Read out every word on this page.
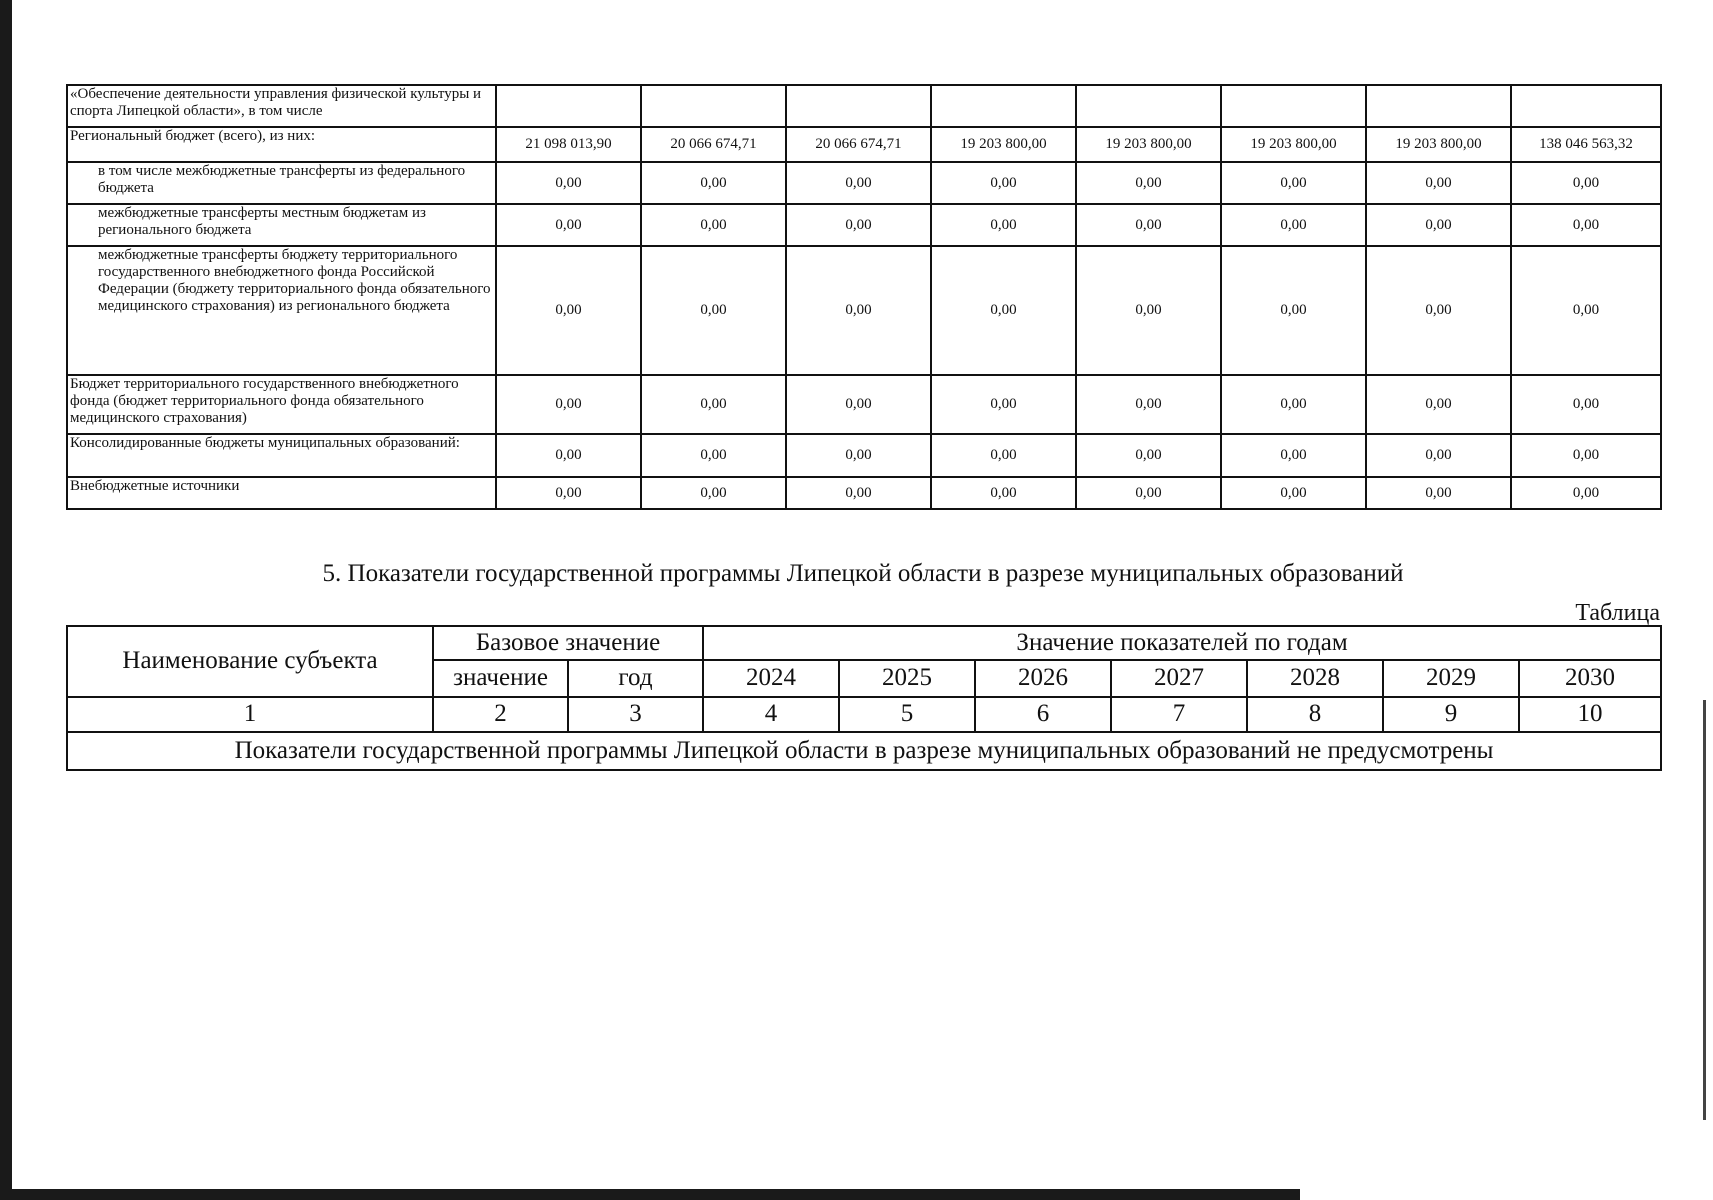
«Обеспечение деятельности управления физической культуры и спорта Липецкой области», в том числе								
Региональный бюджет (всего), из них:	21 098 013,90	20 066 674,71	20 066 674,71	19 203 800,00	19 203 800,00	19 203 800,00	19 203 800,00	138 046 563,32
в том числе межбюджетные трансферты из федерального бюджета	0,00	0,00	0,00	0,00	0,00	0,00	0,00	0,00
межбюджетные трансферты местным бюджетам из регионального бюджета	0,00	0,00	0,00	0,00	0,00	0,00	0,00	0,00
межбюджетные трансферты бюджету территориального государственного внебюджетного фонда Российской Федерации (бюджету территориального фонда обязательного медицинского страхования) из регионального бюджета	0,00	0,00	0,00	0,00	0,00	0,00	0,00	0,00
Бюджет территориального государственного внебюджетного фонда (бюджет территориального фонда обязательного медицинского страхования)	0,00	0,00	0,00	0,00	0,00	0,00	0,00	0,00
Консолидированные бюджеты муниципальных образований:	0,00	0,00	0,00	0,00	0,00	0,00	0,00	0,00
Внебюджетные источники	0,00	0,00	0,00	0,00	0,00	0,00	0,00	0,00
5. Показатели государственной программы Липецкой области в разрезе муниципальных образований
Таблица
Наименование субъекта	Базовое значение		Значение показателей по годам						
	значение	год	2024	2025	2026	2027	2028	2029	2030
1	2	3	4	5	6	7	8	9	10
Показатели государственной программы Липецкой области в разрезе муниципальных образований не предусмотрены									
